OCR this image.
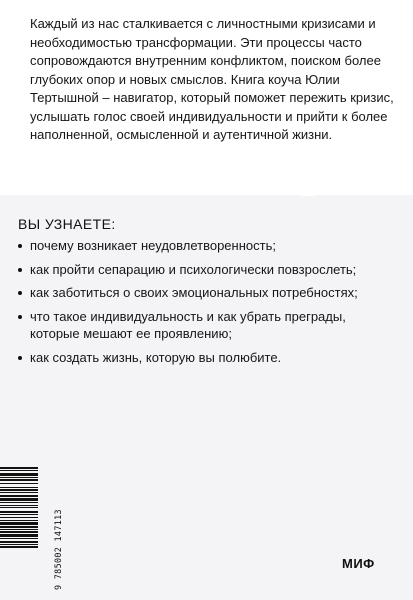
Каждый из нас сталкивается с личностными кризисами и необходимостью трансформации. Эти процессы часто сопровождаются внутренним конфликтом, поиском более глубоких опор и новых смыслов. Книга коуча Юлии Тертышной – навигатор, который поможет пережить кризис, услышать голос своей индивидуальности и прийти к более наполненной, осмысленной и аутентичной жизни.

ВЫ УЗНАЕТЕ:
почему возникает неудовлетворенность;
как пройти сепарацию и психологически повзрослеть;
как заботиться о своих эмоциональных потребностях;
что такое индивидуальность и как убрать преграды, которые мешают ее проявлению;
как создать жизнь, которую вы полюбите.
9 785002 147113	МИФ
